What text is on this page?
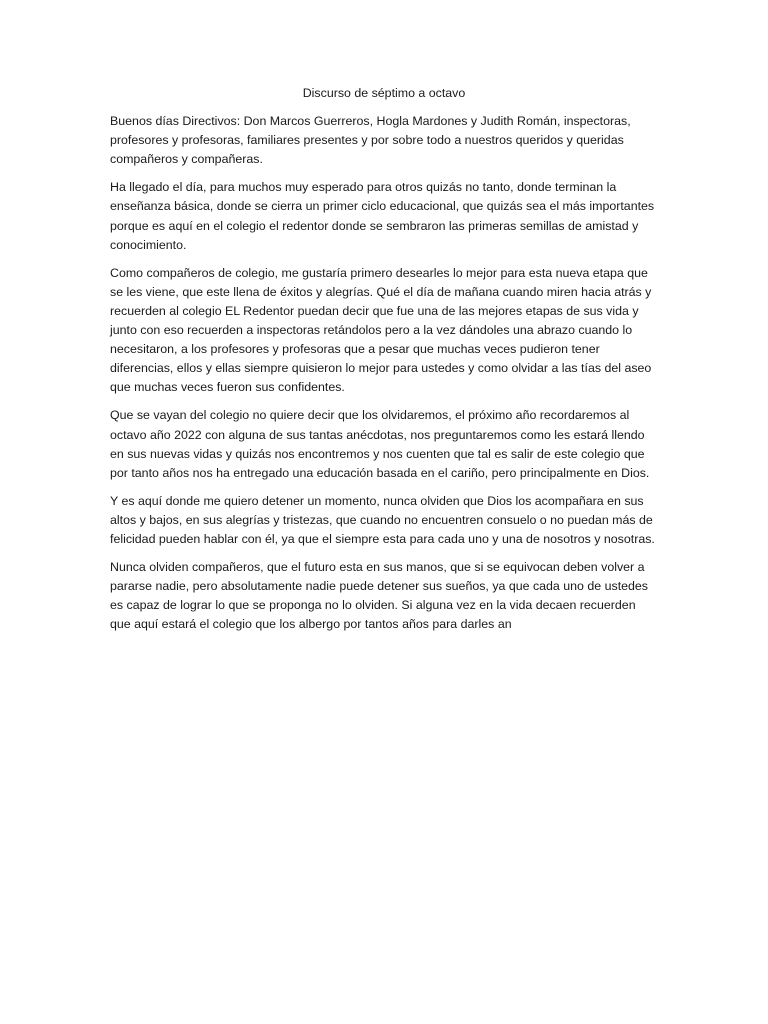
Discurso de séptimo a octavo

Buenos días Directivos: Don Marcos Guerreros, Hogla Mardones y Judith Román, inspectoras, profesores y profesoras, familiares presentes y por sobre todo a nuestros queridos y queridas compañeros y compañeras.

Ha llegado el día, para muchos muy esperado para otros quizás no tanto, donde terminan la enseñanza básica, donde se cierra un primer ciclo educacional, que quizás sea el más importantes porque es aquí en el colegio el redentor donde se sembraron las primeras semillas de amistad y conocimiento.

Como compañeros de colegio, me gustaría primero desearles lo mejor para esta nueva etapa que se les viene, que este llena de éxitos y alegrías. Qué el día de mañana cuando miren hacia atrás y recuerden al colegio EL Redentor puedan decir que fue una de las mejores etapas de sus vida y junto con eso recuerden a inspectoras retándolos pero a la vez dándoles una abrazo cuando lo necesitaron, a los profesores y profesoras que a pesar que muchas veces pudieron tener diferencias, ellos y ellas siempre quisieron lo mejor para ustedes y como olvidar a las tías del aseo que muchas veces fueron sus confidentes.

Que se vayan del colegio no quiere decir que los olvidaremos, el próximo año recordaremos al octavo año 2022 con alguna de sus tantas anécdotas, nos preguntaremos como les estará llendo en sus nuevas vidas y quizás nos encontremos y nos cuenten que tal es salir de este colegio que por tanto años nos ha entregado una educación basada en el cariño, pero principalmente en Dios.

Y es aquí donde me quiero detener un momento, nunca olviden que Dios los acompañara en sus altos y bajos, en sus alegrías y tristezas, que cuando no encuentren consuelo o no puedan más de felicidad pueden hablar con él, ya que el siempre esta para cada uno y una de nosotros y nosotras.

Nunca olviden compañeros, que el futuro esta en sus manos, que si se equivocan deben volver a pararse nadie, pero absolutamente nadie puede detener sus sueños, ya que cada uno de ustedes es capaz de lograr lo que se proponga no lo olviden. Si alguna vez en la vida decaen recuerden que aquí estará el colegio que los albergo por tantos años para darles an
